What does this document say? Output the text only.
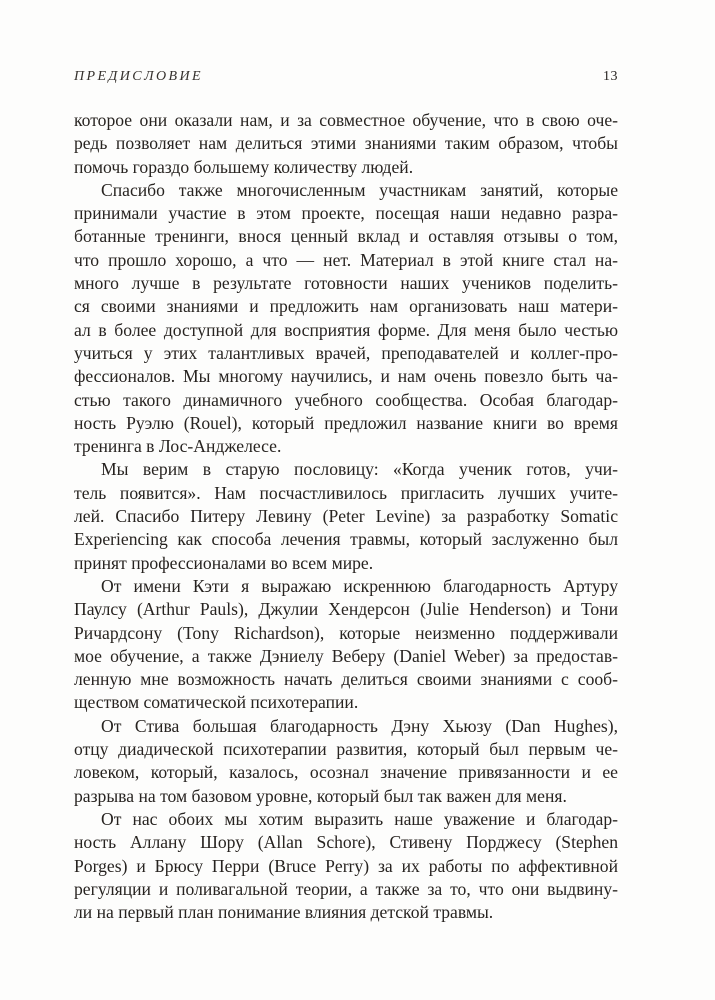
ПРЕДИСЛОВИЕ	13

которое они оказали нам, и за совместное обучение, что в свою оче-
редь позволяет нам делиться этими знаниями таким образом, чтобы
помочь гораздо большему количеству людей.

Спасибо также многочисленным участникам занятий, которые
принимали участие в этом проекте, посещая наши недавно разра-
ботанные тренинги, внося ценный вклад и оставляя отзывы о том,
что прошло хорошо, а что — нет. Материал в этой книге стал на-
много лучше в результате готовности наших учеников поделить-
ся своими знаниями и предложить нам организовать наш матери-
ал в более доступной для восприятия форме. Для меня было честью
учиться у этих талантливых врачей, преподавателей и коллег-про-
фессионалов. Мы многому научились, и нам очень повезло быть ча-
стью такого динамичного учебного сообщества. Особая благодар-
ность Руэлю (Rouel), который предложил название книги во время
тренинга в Лос-Анджелесе.

Мы верим в старую пословицу: «Когда ученик готов, учи-
тель появится». Нам посчастливилось пригласить лучших учите-
лей. Спасибо Питеру Левину (Peter Levine) за разработку Somatic
Experiencing как способа лечения травмы, который заслуженно был
принят профессионалами во всем мире.

От имени Кэти я выражаю искреннюю благодарность Артуру
Паулсу (Arthur Pauls), Джулии Хендерсон (Julie Henderson) и Тони
Ричардсону (Tony Richardson), которые неизменно поддерживали
мое обучение, а также Дэниелу Веберу (Daniel Weber) за предостав-
ленную мне возможность начать делиться своими знаниями с сооб-
ществом соматической психотерапии.

От Стива большая благодарность Дэну Хьюзу (Dan Hughes),
отцу диадической психотерапии развития, который был первым че-
ловеком, который, казалось, осознал значение привязанности и ее
разрыва на том базовом уровне, который был так важен для меня.

От нас обоих мы хотим выразить наше уважение и благодар-
ность Аллану Шору (Allan Schore), Стивену Порджесу (Stephen
Porges) и Брюсу Перри (Bruce Perry) за их работы по аффективной
регуляции и поливагальной теории, а также за то, что они выдвину-
ли на первый план понимание влияния детской травмы.
